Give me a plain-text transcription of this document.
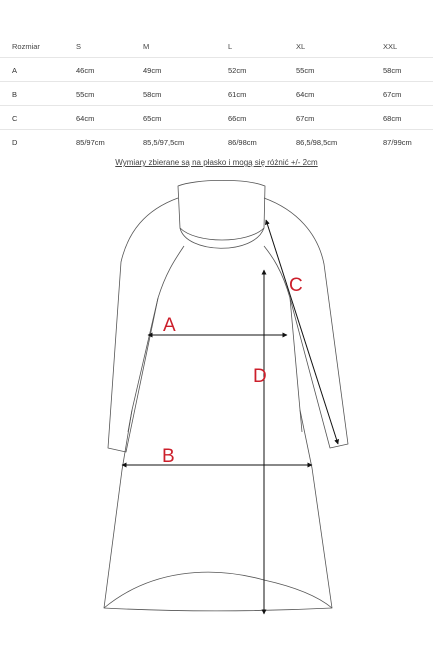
Rozmiar	S	M	L	XL	XXL
A	46cm	49cm	52cm	55cm	58cm
B	55cm	58cm	61cm	64cm	67cm
C	64cm	65cm	66cm	67cm	68cm
D	85/97cm	85,5/97,5cm	86/98cm	86,5/98,5cm	87/99cm
Wymiary zbierane są na płasko i mogą się różnić +/- 2cm
A
B
C
D
